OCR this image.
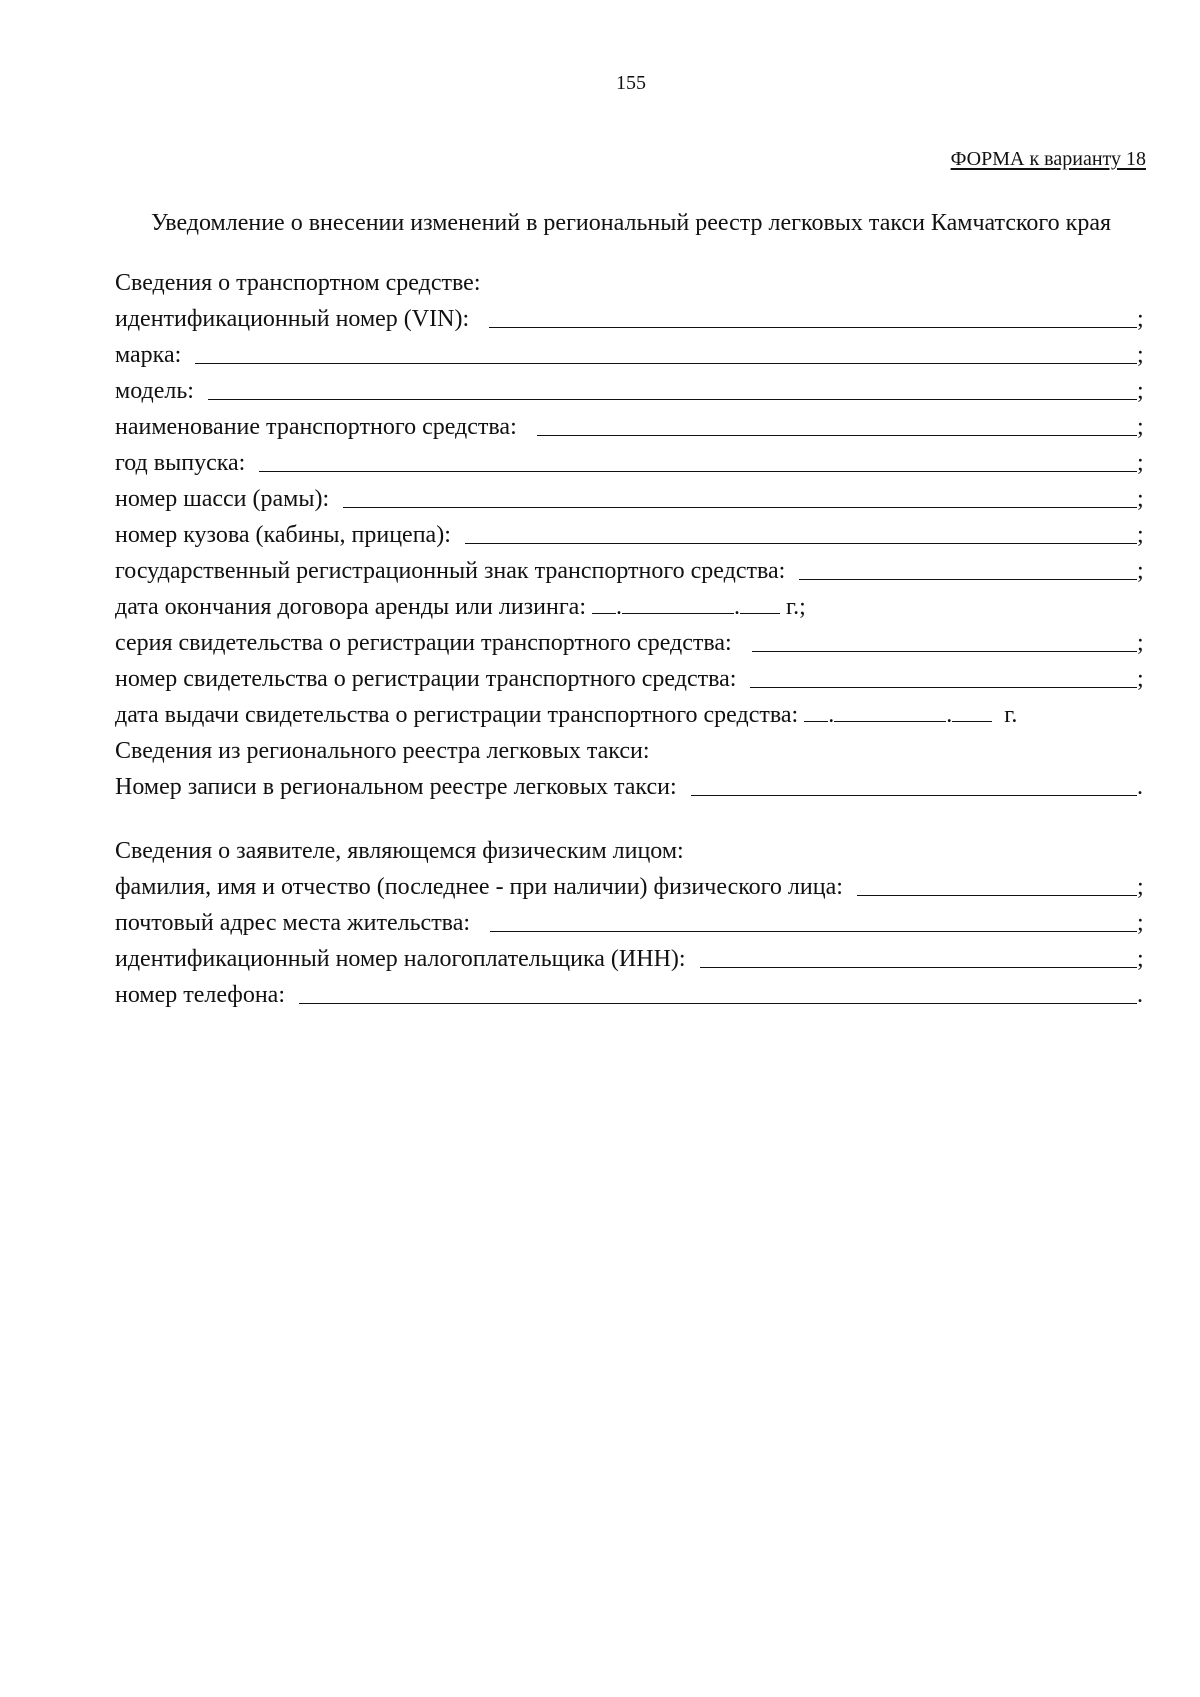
155
ФОРМА к варианту 18
Уведомление о внесении изменений в региональный реестр легковых такси Камчатского края
Сведения о транспортном средстве:
идентификационный номер (VIN):	;
марка:	;
модель:	;
наименование транспортного средства:	;
год выпуска:	;
номер шасси (рамы):	;
номер кузова (кабины, прицепа):	;
государственный регистрационный знак транспортного средства:	;
дата окончания договора аренды или лизинга:	.	. г.;
серия свидетельства о регистрации транспортного средства:	;
номер свидетельства о регистрации транспортного средства:	;
дата выдачи свидетельства о регистрации транспортного средства:	.	. г.
Сведения из регионального реестра легковых такси:
Номер записи в региональном реестре легковых такси:	.
Сведения о заявителе, являющемся физическим лицом:
фамилия, имя и отчество (последнее - при наличии) физического лица:	;
почтовый адрес места жительства:	;
идентификационный номер налогоплательщика (ИНН):	;
номер телефона:	.
